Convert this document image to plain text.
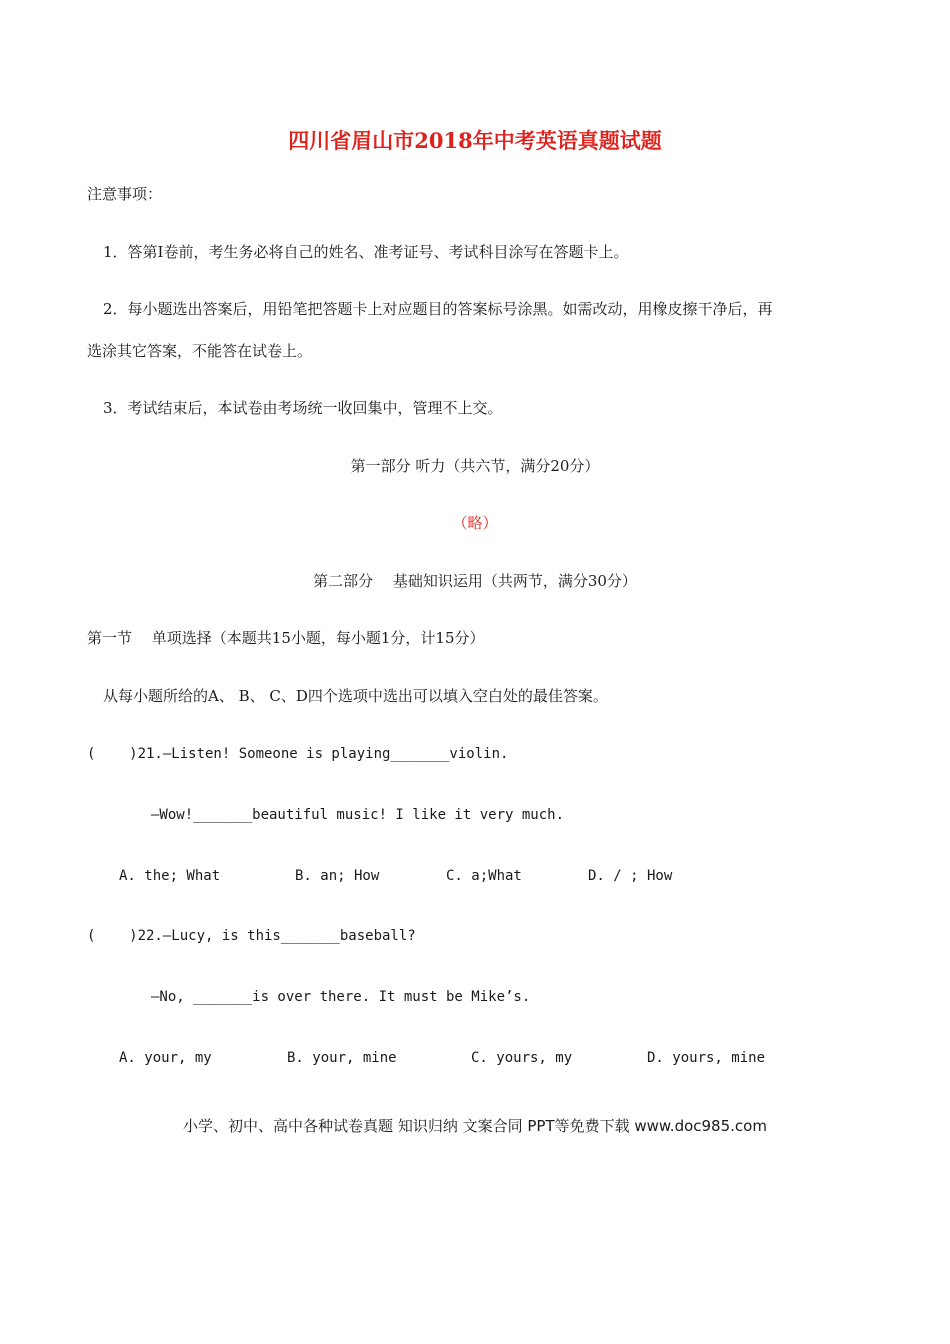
四川省眉山市2018年中考英语真题试题
注意事项：
1．答第Ⅰ卷前，考生务必将自己的姓名、准考证号、考试科目涂写在答题卡上。
2．每小题选出答案后，用铅笔把答题卡上对应题目的答案标号涂黑。如需改动，用橡皮擦干净后，再
选涂其它答案，不能答在试卷上。
3．考试结束后，本试卷由考场统一收回集中，管理不上交。
第一部分 听力（共六节，满分20分）
（略）
第二部分　 基础知识运用（共两节，满分30分）
第一节　 单项选择（本题共15小题，每小题1分，计15分）
从每小题所给的A、 B、 C、D四个选项中选出可以填入空白处的最佳答案。
(    )21.—Listen! Someone is playing_______violin.
—Wow!_______beautiful music! I like it very much.
A. the; What	B. an; How	C. a;What	D. / ; How
(    )22.—Lucy, is this_______baseball?
—No, _______is over there. It must be Mike’s.
A. your, my	B. your, mine	C. yours, my	D. yours, mine
小学、初中、高中各种试卷真题 知识归纳 文案合同 PPT等免费下载 www.doc985.com
